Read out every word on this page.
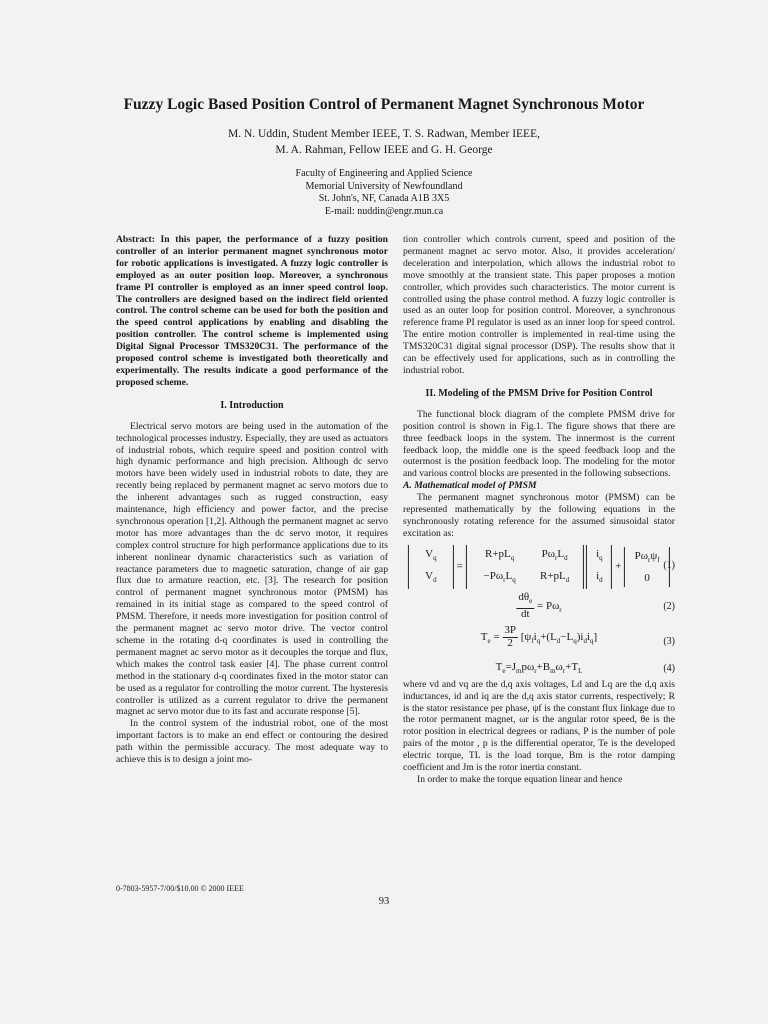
Fuzzy Logic Based Position Control of Permanent Magnet Synchronous Motor
M. N. Uddin, Student Member IEEE, T. S. Radwan, Member IEEE,
M. A. Rahman, Fellow IEEE and G. H. George
Faculty of Engineering and Applied Science
Memorial University of Newfoundland
St. John's, NF, Canada A1B 3X5
E-mail: nuddin@engr.mun.ca

Abstract: In this paper, the performance of a fuzzy position controller of an interior permanent magnet synchronous motor for robotic applications is investigated. A fuzzy logic controller is employed as an outer position loop. Moreover, a synchronous frame PI controller is employed as an inner speed control loop. The controllers are designed based on the indirect field oriented control. The control scheme can be used for both the position and the speed control applications by enabling and disabling the position controller. The control scheme is implemented using Digital Signal Processor TMS320C31. The performance of the proposed control scheme is investigated both theoretically and experimentally. The results indicate a good performance of the proposed scheme.

I. Introduction

Electrical servo motors are being used in the automation of the technological processes industry. Especially, they are used as actuators of industrial robots, which require speed and position control with high dynamic performance and high precision. Although dc servo motors have been widely used in industrial robots to date, they are recently being replaced by permanent magnet ac servo motors due to the inherent advantages such as rugged construction, easy maintenance, high efficiency and power factor, and the precise synchronous operation [1,2]. Although the permanent magnet ac servo motor has more advantages than the dc servo motor, it requires complex control structure for high performance applications due to its inherent nonlinear dynamic characteristics such as variation of reactance parameters due to magnetic saturation, change of air gap flux due to armature reaction, etc. [3]. The research for position control of permanent magnet synchronous motor (PMSM) has remained in its initial stage as compared to the speed control of PMSM. Therefore, it needs more investigation for position control of the permanent magnet ac servo motor drive. The vector control scheme in the rotating d-q coordinates is used in controlling the permanent magnet ac servo motor as it decouples the torque and flux, which makes the control task easier [4]. The phase current control method in the stationary d-q coordinates fixed in the motor stator can be used as a regulator for controlling the motor current. The hysteresis controller is utilized as a current regulator to drive the permanent magnet ac servo motor due to its fast and accurate response [5].

In the control system of the industrial robot, one of the most important factors is to make an end effect or contouring the desired path within the permissible accuracy. The most adequate way to achieve this is to design a joint mo-

tion controller which controls current, speed and position of the permanent magnet ac servo motor. Also, it provides acceleration/ deceleration and interpolation, which allows the industrial robot to move smoothly at the transient state. This paper proposes a motion controller, which provides such characteristics. The motor current is controlled using the phase control method. A fuzzy logic controller is used as an outer loop for position control. Moreover, a synchronous reference frame PI regulator is used as an inner loop for speed control. The entire motion controller is implemented in real-time using the TMS320C31 digital signal processor (DSP). The results show that it can be effectively used for applications, such as in controlling the industrial robot.

II. Modeling of the PMSM Drive for Position Control

The functional block diagram of the complete PMSM drive for position control is shown in Fig.1. The figure shows that there are three feedback loops in the system. The innermost is the current feedback loop, the middle one is the speed feedback loop and the outermost is the position feedback loop. The modeling for the motor and various control blocks are presented in the following subsections.

A. Mathematical model of PMSM

The permanent magnet synchronous motor (PMSM) can be represented mathematically by the following equations in the synchronously rotating reference for the assumed sinusoidal stator excitation as:

$V_q$
$V_d$
=
$R+pL_q$ $P\omega_rL_d$
$-P\omega_rL_q$ $R+pL_d$

$i_q$
$i_d$
+
$P\omega_r\psi_f$
0
(1)
$\frac{d\theta_e}{dt} = P\omega_r$	(2)
$T_e = \frac{3P}{2} [\psi_fi_q+(L_d-L_q)i_di_q]$	(3)
$T_e=J_mp\omega_r+B_m\omega_r+T_L$	(4)

where vd and vq are the d,q axis voltages, Ld and Lq are the d,q axis inductances, id and iq are the d,q axis stator currents, respectively; R is the stator resistance per phase, ψf is the constant flux linkage due to the rotor permanent magnet, ωr is the angular rotor speed, θe is the rotor position in electrical degrees or radians, P is the number of pole pairs of the motor , p is the differential operator, Te is the developed electric torque, TL is the load torque, Bm is the rotor damping coefficient and Jm is the rotor inertia constant.

In order to make the torque equation linear and hence

0-7803-5957-7/00/$10.00 © 2000 IEEE
93
